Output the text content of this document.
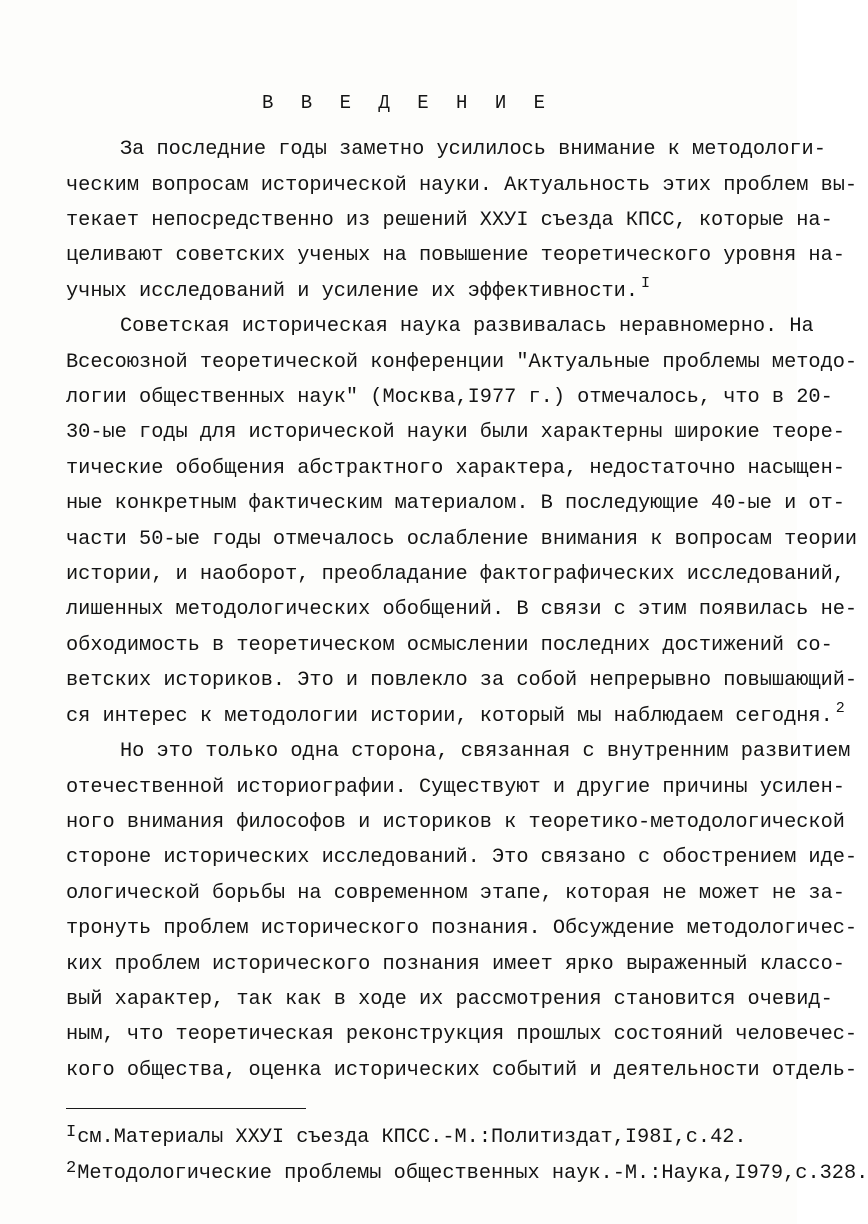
В В Е Д Е Н И Е
За последние годы заметно усилилось внимание к методологи-
ческим вопросам исторической науки. Актуальность этих проблем вы-
текает непосредственно из решений ХХУI съезда КПСС, которые на-
целивают советских ученых на повышение теоретического уровня на-
учных исследований и усиление их эффективности. $^I$
Советская историческая наука развивалась неравномерно. На
Всесоюзной теоретической конференции "Актуальные проблемы методо-
логии общественных наук" (Москва,I977 г.) отмечалось, что в 20-
30-ые годы для исторической науки были характерны широкие теоре-
тические обобщения абстрактного характера, недостаточно насыщен-
ные конкретным фактическим материалом. В последующие 40-ые и от-
части 50-ые годы отмечалось ослабление внимания к вопросам теории
истории, и наоборот, преобладание фактографических исследований,
лишенных методологических обобщений. В связи с этим появилась не-
обходимость в теоретическом осмыслении последних достижений со-
ветских историков. Это и повлекло за собой непрерывно повышающий-
ся интерес к методологии истории, который мы наблюдаем сегодня. $^2$
Но это только одна сторона, связанная с внутренним развитием
отечественной историографии. Существуют и другие причины усилен-
ного внимания философов и историков к теоретико-методологической
стороне исторических исследований. Это связано с обострением иде-
ологической борьбы на современном этапе, которая не может не за-
тронуть проблем исторического познания. Обсуждение методологичес-
ких проблем исторического познания имеет ярко выраженный классо-
вый характер, так как в ходе их рассмотрения становится очевид-
ным, что теоретическая реконструкция прошлых состояний человечес-
кого общества, оценка исторических событий и деятельности отдель-
$^I$см.Материалы ХХУI съезда КПСС.-М.:Политиздат,I98I,с.42.
$^2$Методологические проблемы общественных наук.-М.:Наука,I979,с.328.
